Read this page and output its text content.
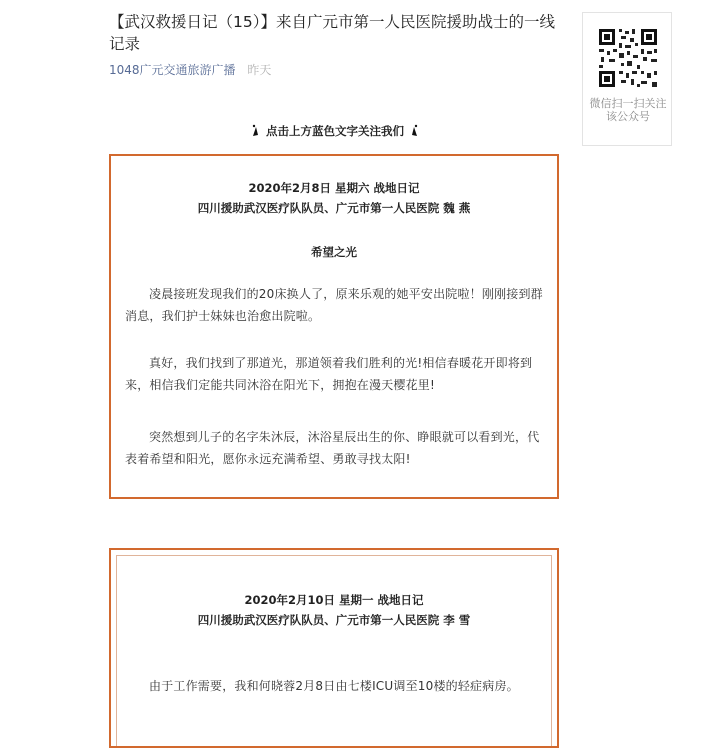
【武汉救援日记（15）】来自广元市第一人民医院援助战士的一线记录
1048广元交通旅游广播 昨天
微信扫一扫关注该公众号
点击上方蓝色文字关注我们
2020年2月8日 星期六 战地日记
四川援助武汉医疗队队员、广元市第一人民医院 魏 燕
希望之光

凌晨接班发现我们的20床换人了，原来乐观的她平安出院啦！刚刚接到群消息，我们护士妹妹也治愈出院啦。

真好，我们找到了那道光，那道领着我们胜利的光!相信春暖花开即将到来，相信我们定能共同沐浴在阳光下，拥抱在漫天樱花里!

突然想到儿子的名字朱沐辰，沐浴星辰出生的你、睁眼就可以看到光，代表着希望和阳光，愿你永远充满希望、勇敢寻找太阳!

2020年2月10日 星期一 战地日记
四川援助武汉医疗队队员、广元市第一人民医院 李 雪

由于工作需要，我和何晓蓉2月8日由七楼ICU调至10楼的轻症病房。
